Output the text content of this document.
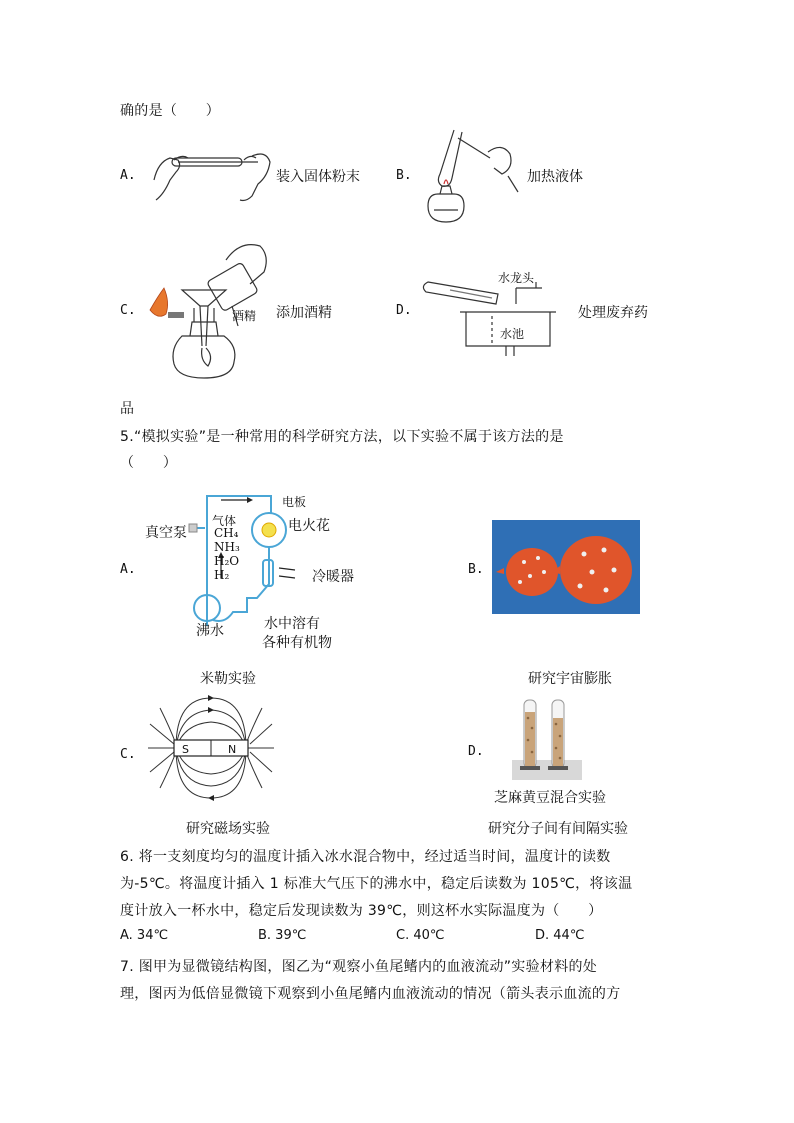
确的是（　　）
A.	装入固体粉末	B.	加热液体
C.	酒精 添加酒精	D.
水龙头
水池
处理废弃药
品
5.“模拟实验”是一种常用的科学研究方法，以下实验不属于该方法的是
（　　）
A.
电板
气体
CH₄
NH₃
H₂O
H₂
电火花
真空泵
冷暖器
沸水	水中溶有
各种有机物
米勒实验
B.
研究宇宙膨胀
C.	S	N
研究磁场实验
D.
芝麻黄豆混合实验
研究分子间有间隔实验
6. 将一支刻度均匀的温度计插入冰水混合物中，经过适当时间，温度计的读数
为-5℃。将温度计插入 1 标准大气压下的沸水中，稳定后读数为 105℃，将该温
度计放入一杯水中，稳定后发现读数为 39℃，则这杯水实际温度为（　　）
A. 34℃	B. 39℃	C. 40℃	D. 44℃
7. 图甲为显微镜结构图，图乙为“观察小鱼尾鳍内的血液流动”实验材料的处
理，图丙为低倍显微镜下观察到小鱼尾鳍内血液流动的情况（箭头表示血流的方
